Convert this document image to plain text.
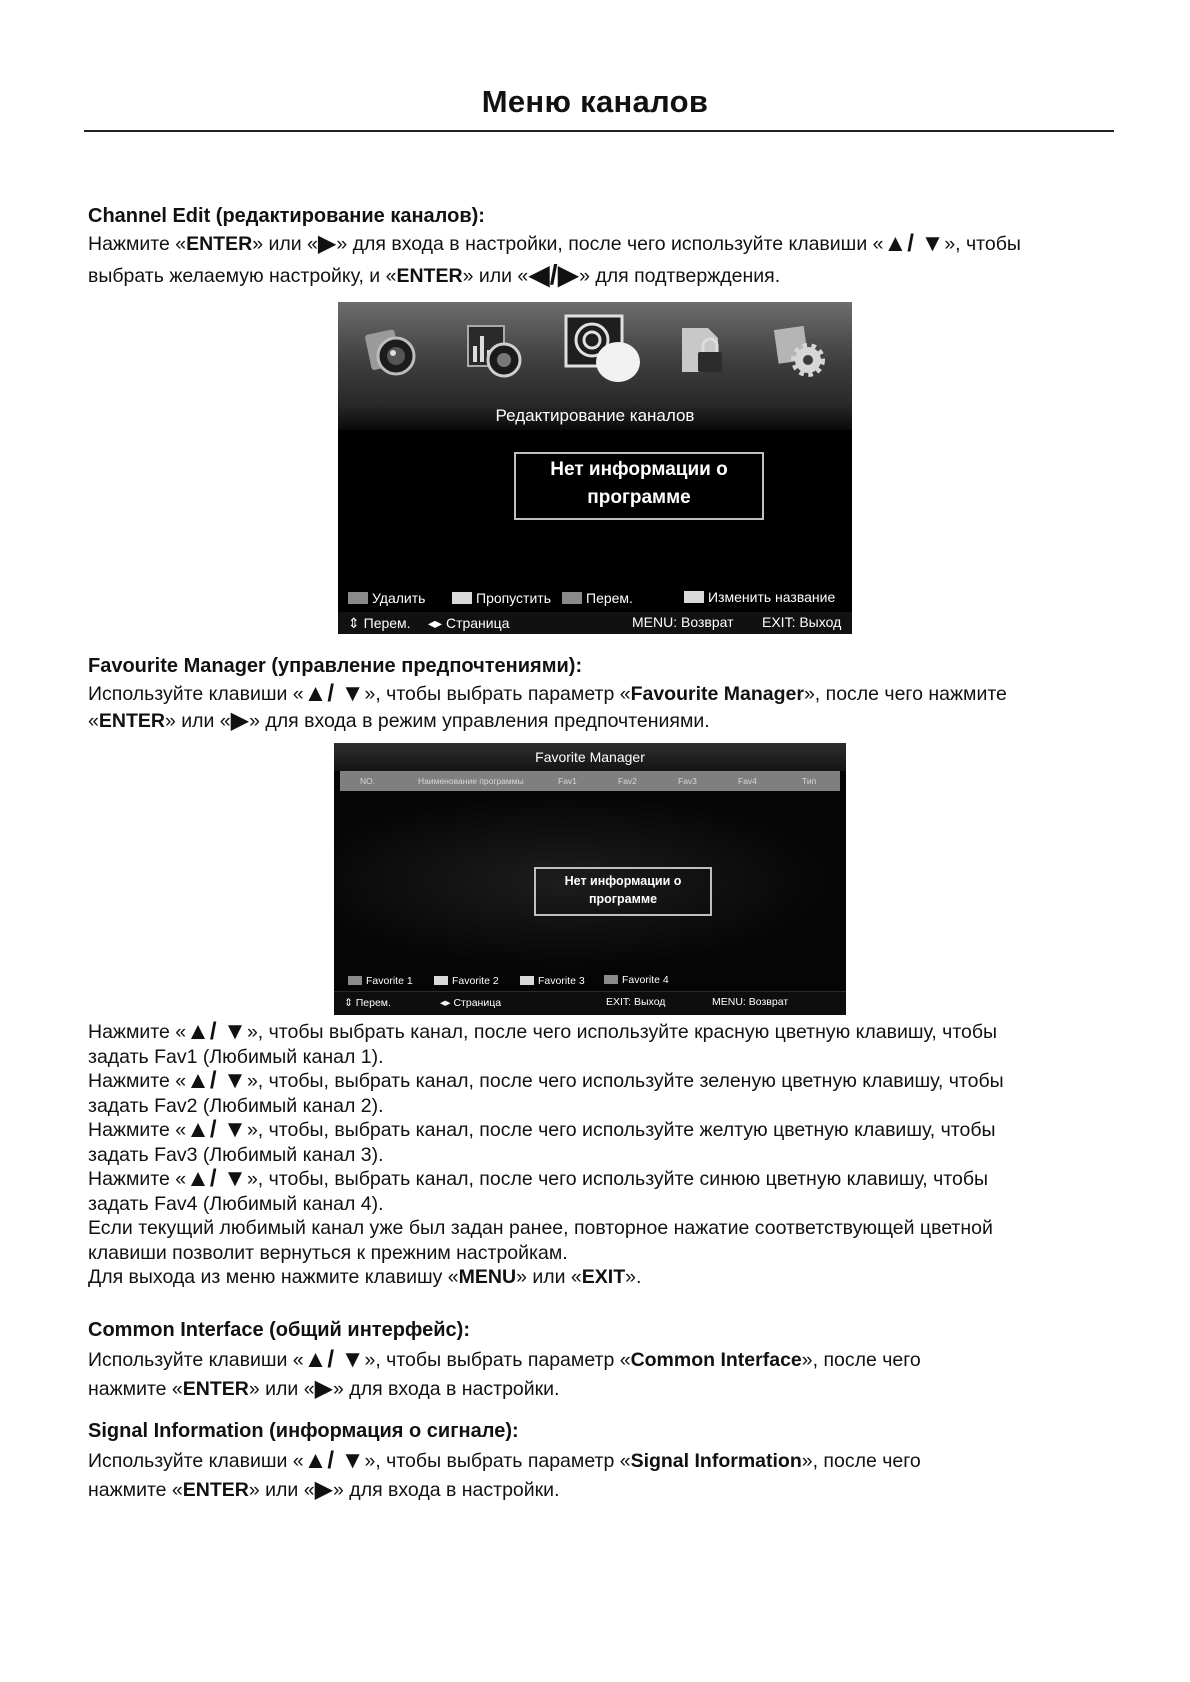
Меню каналов

Channel Edit (редактирование каналов):

Нажмите «ENTER» или «▶» для входа в настройки, после чего используйте клавиши «▲/ ▼», чтобы

выбрать желаемую настройку, и «ENTER» или «◀/▶» для подтверждения.

Редактирование каналов
Нет информации о программе
Удалить	Пропустить	Перем.	Изменить название
⇕ Перем. ◂▸ Страница	MENU: Возврат EXIT: Выход

Favourite Manager (управление предпочтениями):

Используйте клавиши «▲/ ▼», чтобы выбрать параметр «Favourite Manager», после чего нажмите

«ENTER» или «▶» для входа в режим управления предпочтениями.

Favorite Manager
NO.	Наименование программы	Fav1	Fav2	Fav3	Fav4	Тип
Нет информации о программе
Favorite 1	Favorite 2	Favorite 3	Favorite 4
⇕ Перем.	◂▸ Страница	EXIT: Выход	MENU: Возврат

Нажмите «▲/ ▼», чтобы выбрать канал, после чего используйте красную цветную клавишу, чтобы

задать Fav1 (Любимый канал 1).

Нажмите «▲/ ▼», чтобы, выбрать канал, после чего используйте зеленую цветную клавишу, чтобы

задать Fav2 (Любимый канал 2).

Нажмите «▲/ ▼», чтобы, выбрать канал, после чего используйте желтую цветную клавишу, чтобы

задать Fav3 (Любимый канал 3).

Нажмите «▲/ ▼», чтобы, выбрать канал, после чего используйте синюю цветную клавишу, чтобы

задать Fav4 (Любимый канал 4).

Если текущий любимый канал уже был задан ранее, повторное нажатие соответствующей цветной

клавиши позволит вернуться к прежним настройкам.

Для выхода из меню нажмите клавишу «MENU» или «EXIT».

Common Interface (общий интерфейс):

Используйте клавиши «▲/ ▼», чтобы выбрать параметр «Common Interface», после чего

нажмите «ENTER» или «▶» для входа в настройки.

Signal Information (информация о сигнале):

Используйте клавиши «▲/ ▼», чтобы выбрать параметр «Signal Information», после чего

нажмите «ENTER» или «▶» для входа в настройки.
